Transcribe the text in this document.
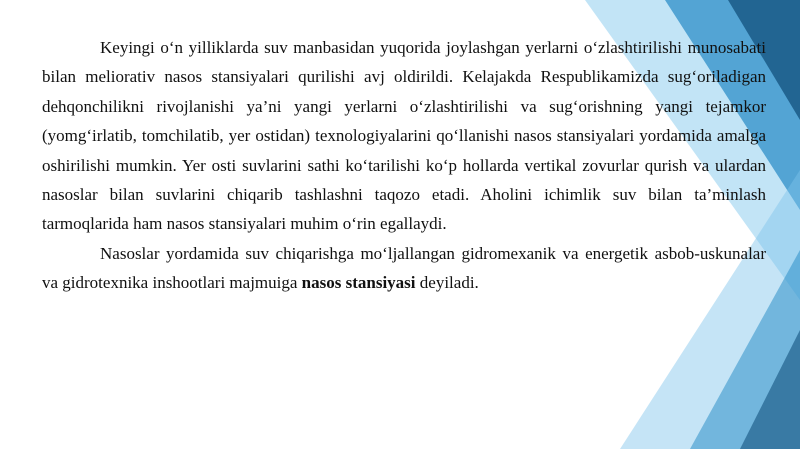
Keyingi o‘n yilliklarda suv manbasidan yuqorida joylashgan yerlarni o‘zlashtirilishi munosabati bilan meliorativ nasos stansiyalari qurilishi avj oldirildi. Kelajakda Respublikamizda sug‘oriladigan dehqonchilikni rivojlanishi ya’ni yangi yerlarni o‘zlashtirilishi va sug‘orishning yangi tejamkor (yomg‘irlatib, tomchilatib, yer ostidan) texnologiyalarini qo‘llanishi nasos stansiyalari yordamida amalga oshirilishi mumkin. Yer osti suvlarini sathi ko‘tarilishi ko‘p hollarda vertikal zovurlar qurish va ulardan nasoslar bilan suvlarini chiqarib tashlashni taqozo etadi. Aholini ichimlik suv bilan ta’minlash tarmoqlarida ham nasos stansiyalari muhim o‘rin egallaydi.

Nasoslar yordamida suv chiqarishga mo‘ljallangan gidromexanik va energetik asbob-uskunalar va gidrotexnika inshootlari majmuiga nasos stansiyasi deyiladi.
